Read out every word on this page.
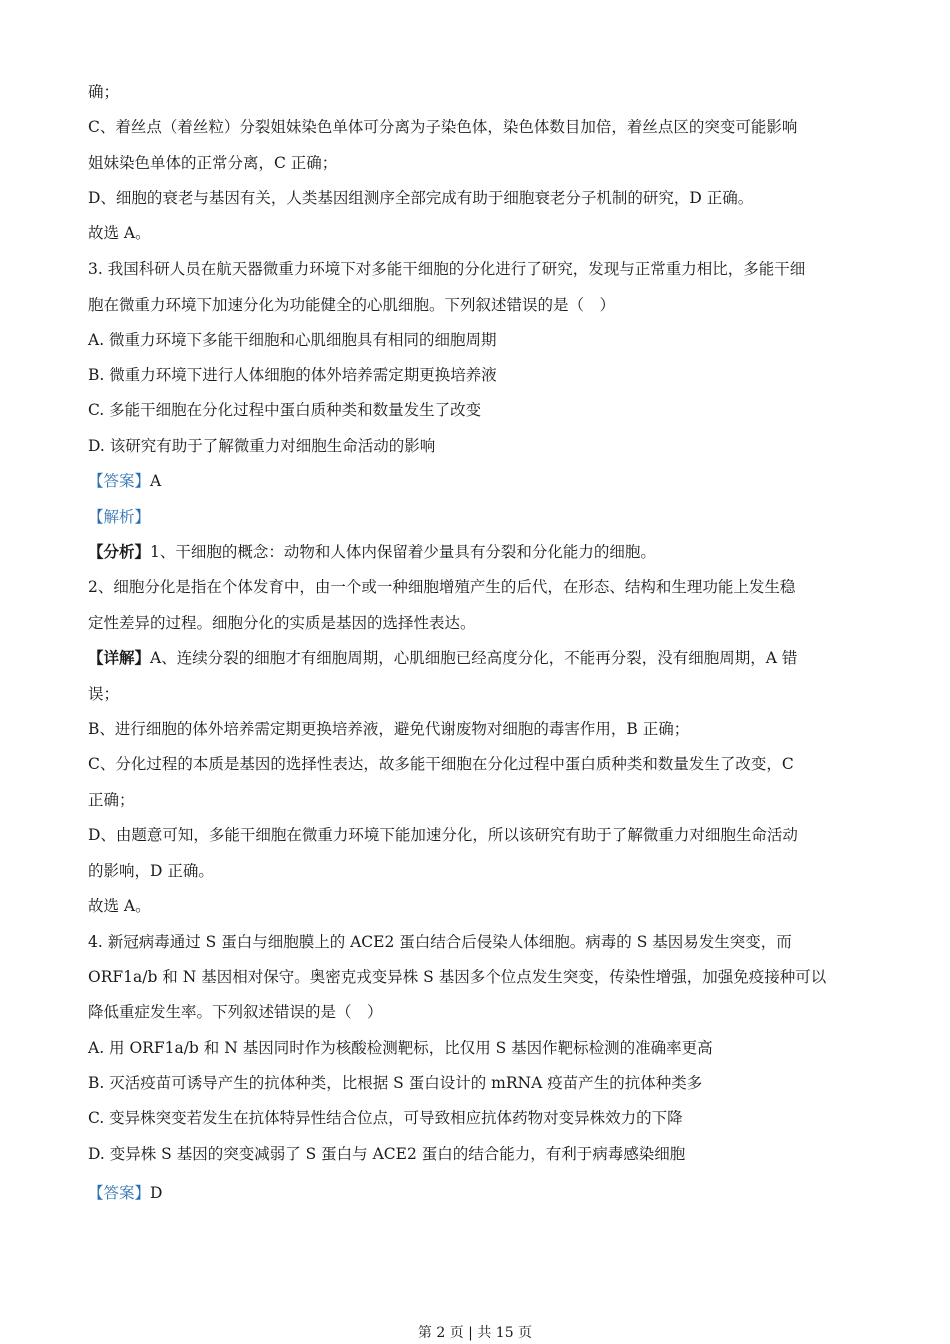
确；
C、着丝点（着丝粒）分裂姐妹染色单体可分离为子染色体，染色体数目加倍，着丝点区的突变可能影响
姐妹染色单体的正常分离，C 正确；
D、细胞的衰老与基因有关，人类基因组测序全部完成有助于细胞衰老分子机制的研究，D 正确。
故选 A。
3. 我国科研人员在航天器微重力环境下对多能干细胞的分化进行了研究，发现与正常重力相比，多能干细
胞在微重力环境下加速分化为功能健全的心肌细胞。下列叙述错误的是（　）
A. 微重力环境下多能干细胞和心肌细胞具有相同的细胞周期
B. 微重力环境下进行人体细胞的体外培养需定期更换培养液
C. 多能干细胞在分化过程中蛋白质种类和数量发生了改变
D. 该研究有助于了解微重力对细胞生命活动的影响
【答案】A
【解析】
【分析】1、干细胞的概念：动物和人体内保留着少量具有分裂和分化能力的细胞。
2、细胞分化是指在个体发育中，由一个或一种细胞增殖产生的后代，在形态、结构和生理功能上发生稳
定性差异的过程。细胞分化的实质是基因的选择性表达。
【详解】A、连续分裂的细胞才有细胞周期，心肌细胞已经高度分化，不能再分裂，没有细胞周期，A 错
误；
B、进行细胞的体外培养需定期更换培养液，避免代谢废物对细胞的毒害作用，B 正确；
C、分化过程的本质是基因的选择性表达，故多能干细胞在分化过程中蛋白质种类和数量发生了改变，C
正确；
D、由题意可知，多能干细胞在微重力环境下能加速分化，所以该研究有助于了解微重力对细胞生命活动
的影响，D 正确。
故选 A。
4. 新冠病毒通过 S 蛋白与细胞膜上的 ACE2 蛋白结合后侵染人体细胞。病毒的 S 基因易发生突变，而
ORF1a/b 和 N 基因相对保守。奥密克戎变异株 S 基因多个位点发生突变，传染性增强，加强免疫接种可以
降低重症发生率。下列叙述错误的是（　）
A. 用 ORF1a/b 和 N 基因同时作为核酸检测靶标，比仅用 S 基因作靶标检测的准确率更高
B. 灭活疫苗可诱导产生的抗体种类，比根据 S 蛋白设计的 mRNA 疫苗产生的抗体种类多
C. 变异株突变若发生在抗体特异性结合位点，可导致相应抗体药物对变异株效力的下降
D. 变异株 S 基因的突变减弱了 S 蛋白与 ACE2 蛋白的结合能力，有利于病毒感染细胞
【答案】D
第 2 页 | 共 15 页
